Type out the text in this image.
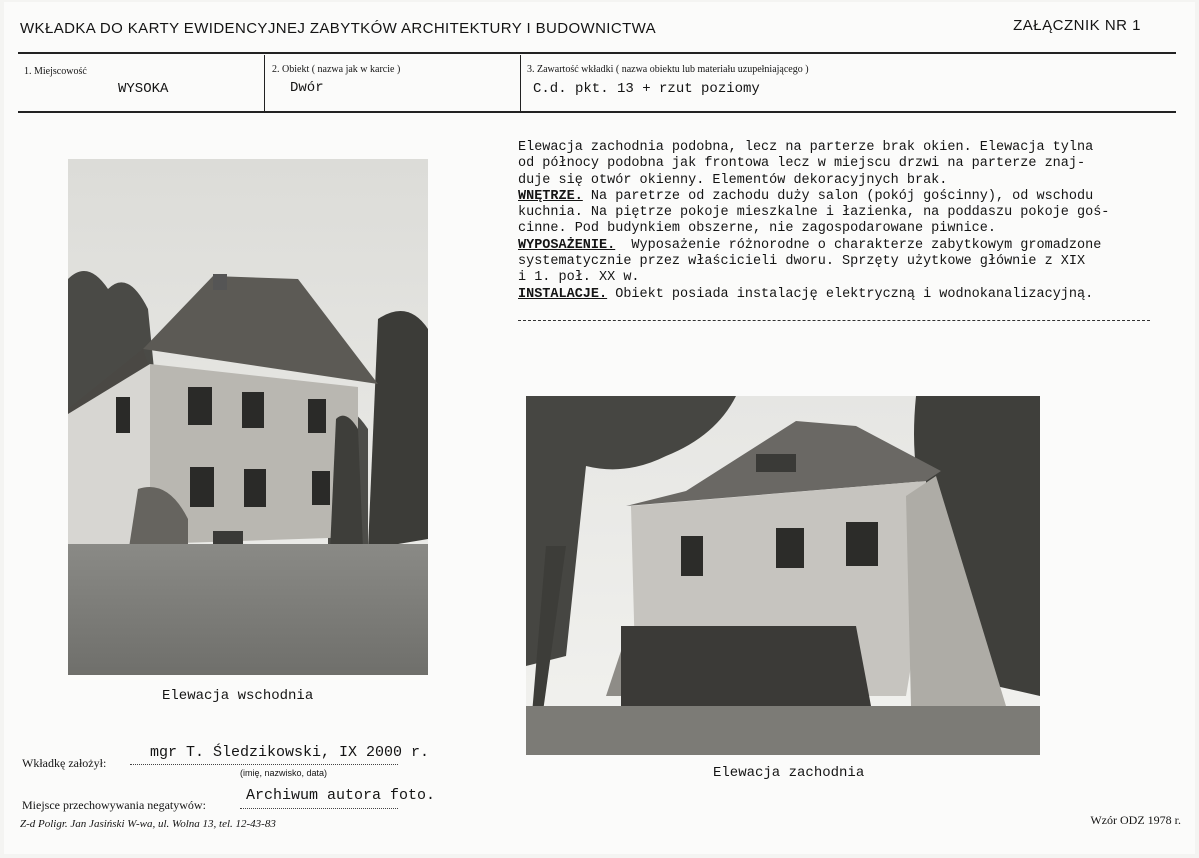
WKŁADKA DO KARTY EWIDENCYJNEJ ZABYTKÓW ARCHITEKTURY I BUDOWNICTWA	ZAŁĄCZNIK NR 1
1. Miejscowość
WYSOKA
2. Obiekt ( nazwa jak w karcie )
Dwór
3. Zawartość wkładki ( nazwa obiektu lub materiału uzupełniającego )
C.d. pkt. 13 + rzut poziomy
Elewacja zachodnia podobna, lecz na parterze brak okien. Elewacja tylna
od północy podobna jak frontowa lecz w miejscu drzwi na parterze znaj-
duje się otwór okienny. Elementów dekoracyjnych brak.
WNĘTRZE. Na paretrze od zachodu duży salon (pokój gościnny), od wschodu
kuchnia. Na piętrze pokoje mieszkalne i łazienka, na poddaszu pokoje goś-
cinne. Pod budynkiem obszerne, nie zagospodarowane piwnice.
WYPOSAŻENIE.  Wyposażenie różnorodne o charakterze zabytkowym gromadzone
systematycznie przez właścicieli dworu. Sprzęty użytkowe głównie z XIX
i 1. poł. XX w.
INSTALACJE. Obiekt posiada instalację elektryczną i wodnokanalizacyjną.
Elewacja wschodnia
Elewacja zachodnia
Wkładkę założył:
mgr T. Śledzikowski, IX 2000 r.
(imię, nazwisko, data)
Miejsce przechowywania negatywów:
Archiwum autora foto.
Z-d Poligr. Jan Jasiński W-wa, ul. Wolna 13, tel. 12-43-83	Wzór ODZ 1978 r.
